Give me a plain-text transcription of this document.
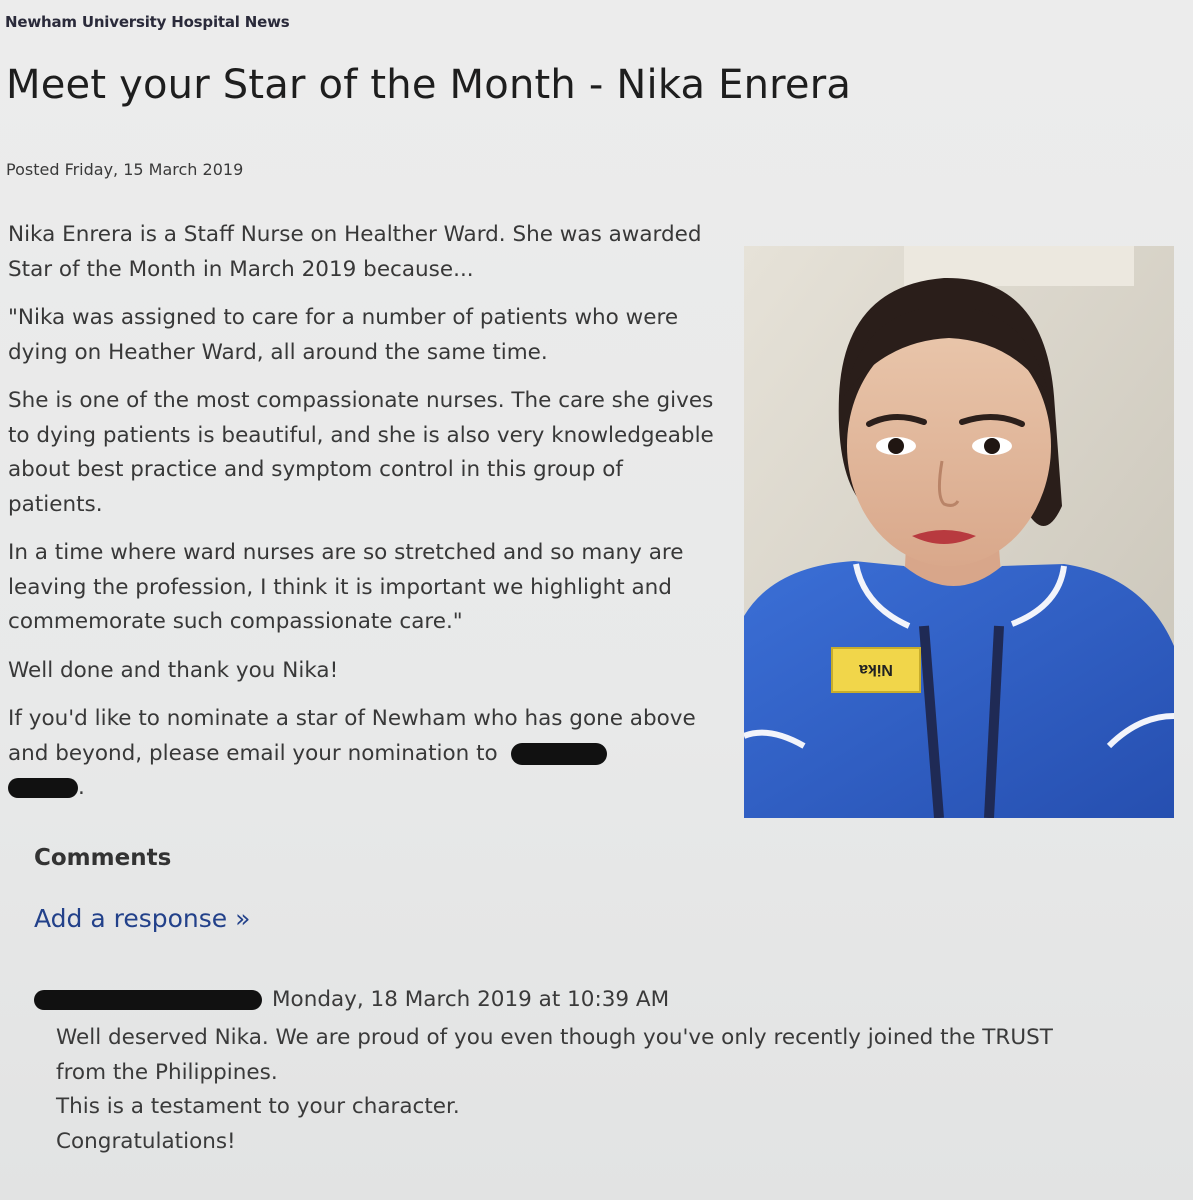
Newham University Hospital News
Meet your Star of the Month - Nika Enrera
Posted Friday, 15 March 2019

Nika Enrera is a Staff Nurse on Healther Ward. She was awarded Star of the Month in March 2019 because...

"Nika was assigned to care for a number of patients who were dying on Heather Ward, all around the same time.

She is one of the most compassionate nurses. The care she gives to dying patients is beautiful, and she is also very knowledgeable about best practice and symptom control in this group of patients.

In a time where ward nurses are so stretched and so many are leaving the profession, I think it is important we highlight and commemorate such compassionate care."

Well done and thank you Nika!

If you'd like to nominate a star of Newham who has gone above and beyond, please email your nomination to
.

Nika
Comments
Add a response »
Monday, 18 March 2019 at 10:39 AM
Well deserved Nika. We are proud of you even though you've only recently joined the TRUST
from the Philippines.
This is a testament to your character.
Congratulations!
